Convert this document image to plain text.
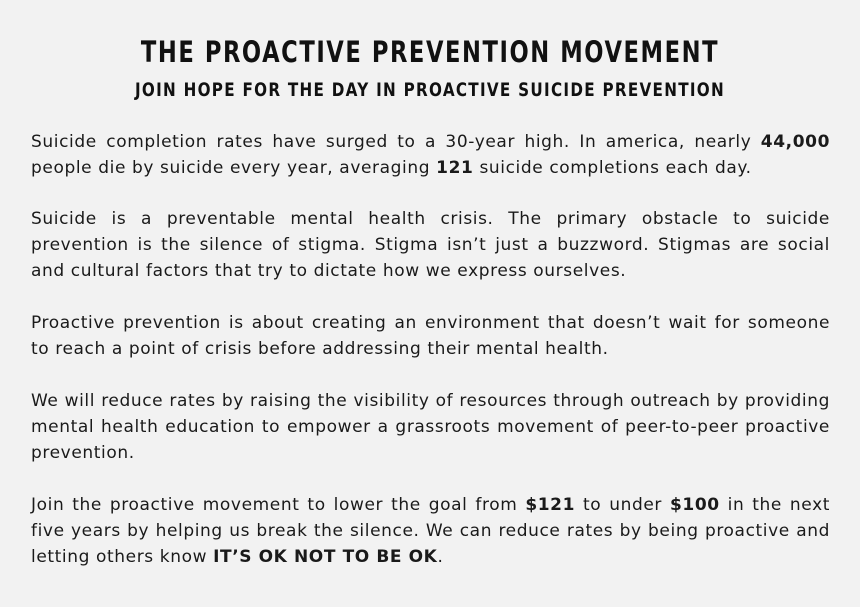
THE PROACTIVE PREVENTION MOVEMENT
JOIN HOPE FOR THE DAY IN PROACTIVE SUICIDE PREVENTION

Suicide completion rates have surged to a 30-year high. In america, nearly 44,000 people die by suicide every year, averaging 121 suicide completions each day.

Suicide is a preventable mental health crisis. The primary obstacle to suicide prevention is the silence of stigma. Stigma isn’t just a buzzword. Stigmas are social and cultural factors that try to dictate how we express ourselves.

Proactive prevention is about creating an environment that doesn’t wait for someone to reach a point of crisis before addressing their mental health.

We will reduce rates by raising the visibility of resources through outreach by providing mental health education to empower a grassroots movement of peer-to-peer proactive prevention.

Join the proactive movement to lower the goal from $121 to under $100 in the next five years by helping us break the silence. We can reduce rates by being proactive and letting others know IT’S OK NOT TO BE OK.
